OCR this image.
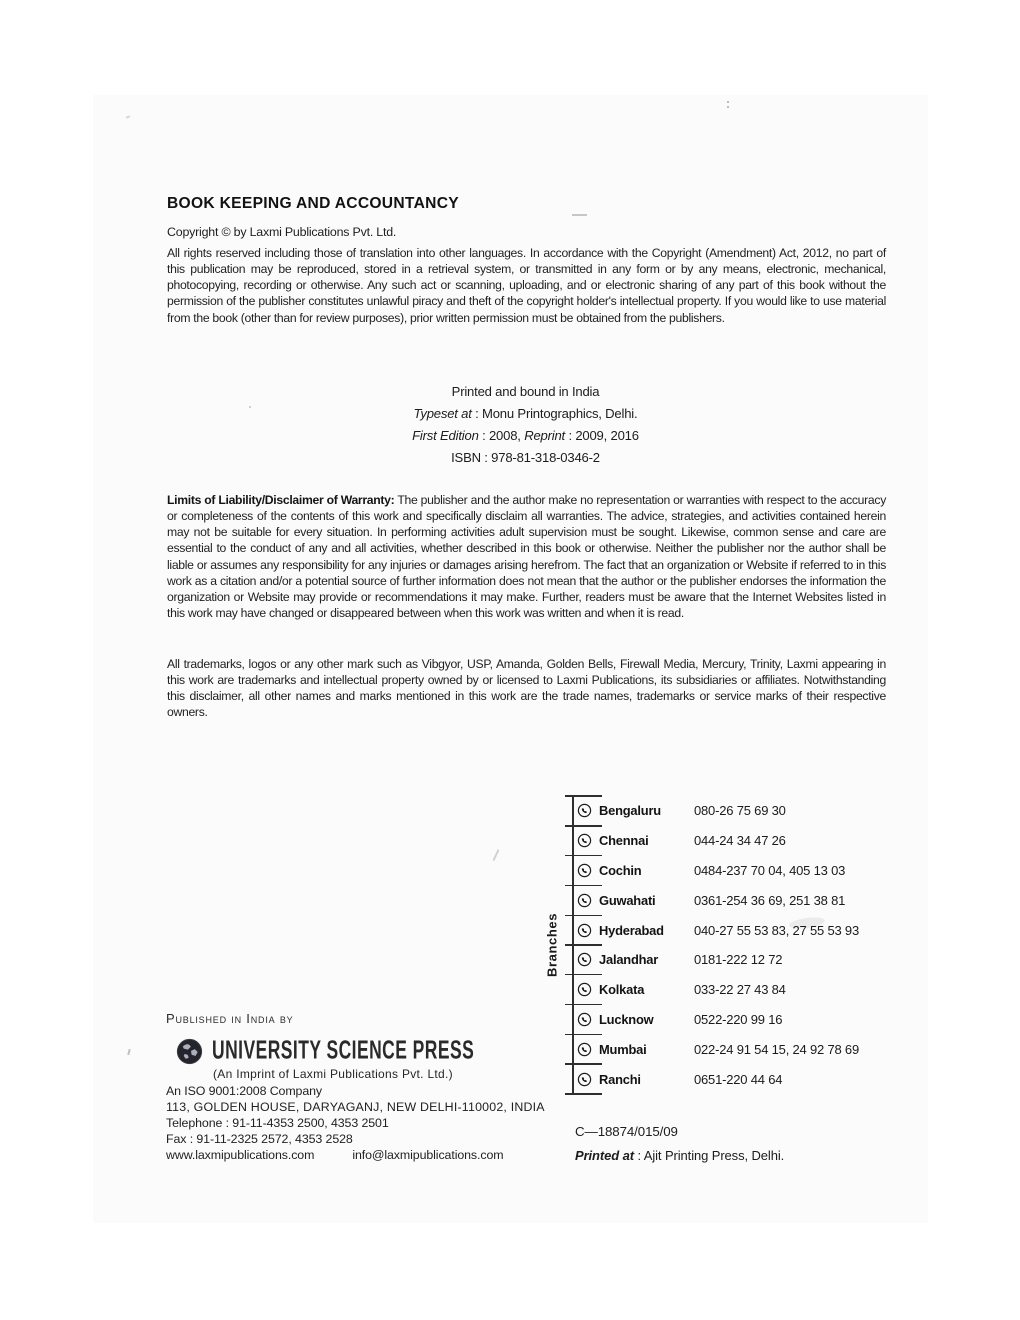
BOOK KEEPING AND ACCOUNTANCY
Copyright © by Laxmi Publications Pvt. Ltd.
All rights reserved including those of translation into other languages. In accordance with the Copyright (Amendment) Act, 2012, no part of this publication may be reproduced, stored in a retrieval system, or transmitted in any form or by any means, electronic, mechanical, photocopying, recording or otherwise. Any such act or scanning, uploading, and or electronic sharing of any part of this book without the permission of the publisher constitutes unlawful piracy and theft of the copyright holder's intellectual property. If you would like to use material from the book (other than for review purposes), prior written permission must be obtained from the publishers.
Printed and bound in India
Typeset at : Monu Printographics, Delhi.
First Edition : 2008, Reprint : 2009, 2016
ISBN : 978-81-318-0346-2
Limits of Liability/Disclaimer of Warranty: The publisher and the author make no representation or warranties with respect to the accuracy or completeness of the contents of this work and specifically disclaim all warranties. The advice, strategies, and activities contained herein may not be suitable for every situation. In performing activities adult supervision must be sought. Likewise, common sense and care are essential to the conduct of any and all activities, whether described in this book or otherwise. Neither the publisher nor the author shall be liable or assumes any responsibility for any injuries or damages arising herefrom. The fact that an organization or Website if referred to in this work as a citation and/or a potential source of further information does not mean that the author or the publisher endorses the information the organization or Website may provide or recommendations it may make. Further, readers must be aware that the Internet Websites listed in this work may have changed or disappeared between when this work was written and when it is read.
All trademarks, logos or any other mark such as Vibgyor, USP, Amanda, Golden Bells, Firewall Media, Mercury, Trinity, Laxmi appearing in this work are trademarks and intellectual property owned by or licensed to Laxmi Publications, its subsidiaries or affiliates. Notwithstanding this disclaimer, all other names and marks mentioned in this work are the trade names, trademarks or service marks of their respective owners.
Branches
Bengaluru	080-26 75 69 30
Chennai	044-24 34 47 26
Cochin	0484-237 70 04, 405 13 03
Guwahati	0361-254 36 69, 251 38 81
Hyderabad 040-27 55 53 83, 27 55 53 93
Jalandhar	0181-222 12 72
Kolkata	033-22 27 43 84
Lucknow	0522-220 99 16
Mumbai	022-24 91 54 15, 24 92 78 69
Ranchi	0651-220 44 64
Published in India by
UNIVERSITY SCIENCE PRESS
(An Imprint of Laxmi Publications Pvt. Ltd.)
An ISO 9001:2008 Company
113, GOLDEN HOUSE, DARYAGANJ, NEW DELHI-110002, INDIA
Telephone : 91-11-4353 2500, 4353 2501
Fax : 91-11-2325 2572, 4353 2528
www.laxmipublications.com	info@laxmipublications.com
C—18874/015/09
Printed at : Ajit Printing Press, Delhi.
